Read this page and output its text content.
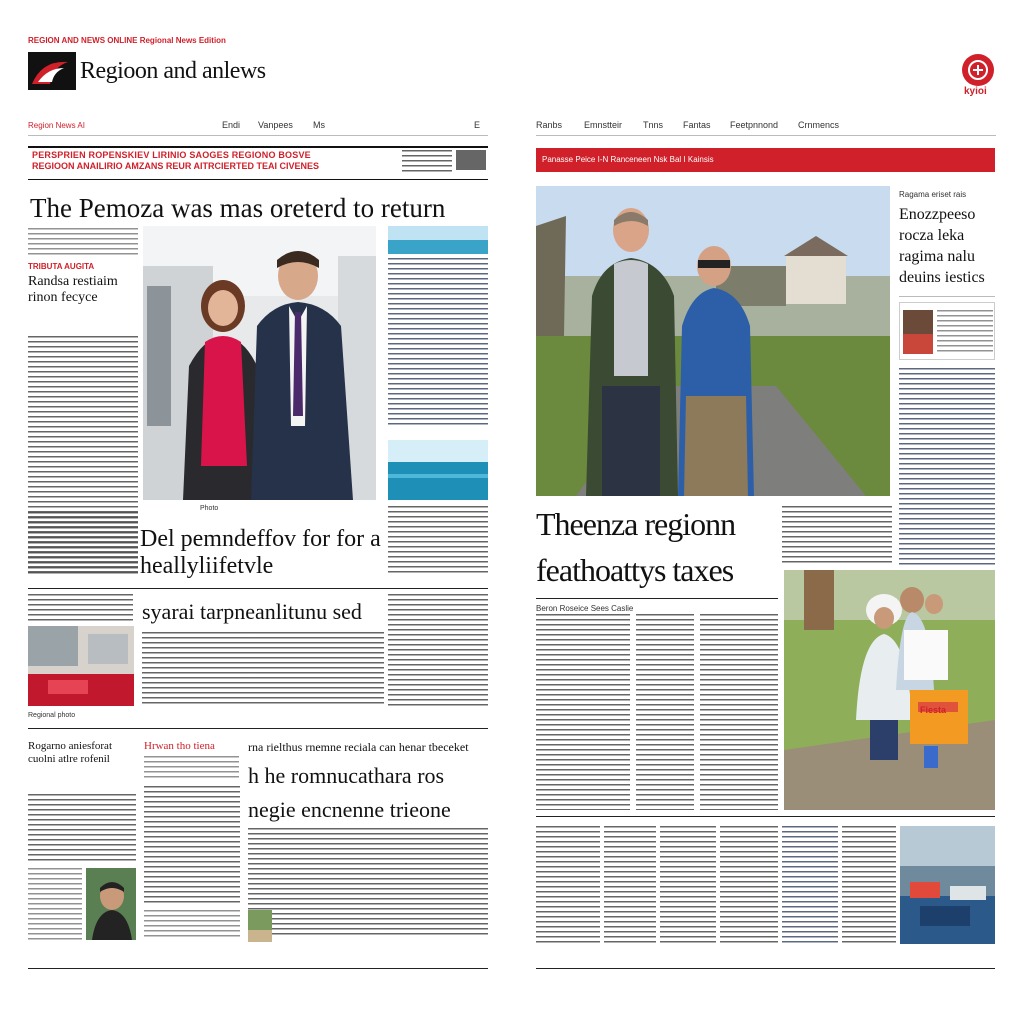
REGION AND NEWS ONLINE Regional News Edition
Regioon and anlews
kyioi
Region News AI	Endi Vanpees Ms	E	Ranbs Emnstteir Tnns Fantas Feetpnnond Crnmencs
PERSPRIEN ROPENSKIEV LIRINIO SAOGES REGIONO BOSVE
REGIOON ANAILIRIO AMZANS REUR AITRCIERTED TEAI CIVENES
The Pemoza was mas oreterd to return
TRIBUTA AUGITA
Randsa restiaim rinon fecyce
Photo
Del pemndeffov for for a heallyliifetvle
syarai tarpneanlitunu sed
Regional photo
Rogarno aniesforat cuolni atlre rofenil
Hrwan tho tiena	rna rielthus rnemne reciala can henar tbeceket
h he romnucathara ros
negie encnenne trieone
Panasse Peice I-N Ranceneen Nsk Bal I Kainsis
Ragama eriset rais
Enozzpeeso rocza leka ragima nalu deuins iestics
Theenza regionn
feathoattys taxes
Beron Roseice Sees Caslie
Fiesta
